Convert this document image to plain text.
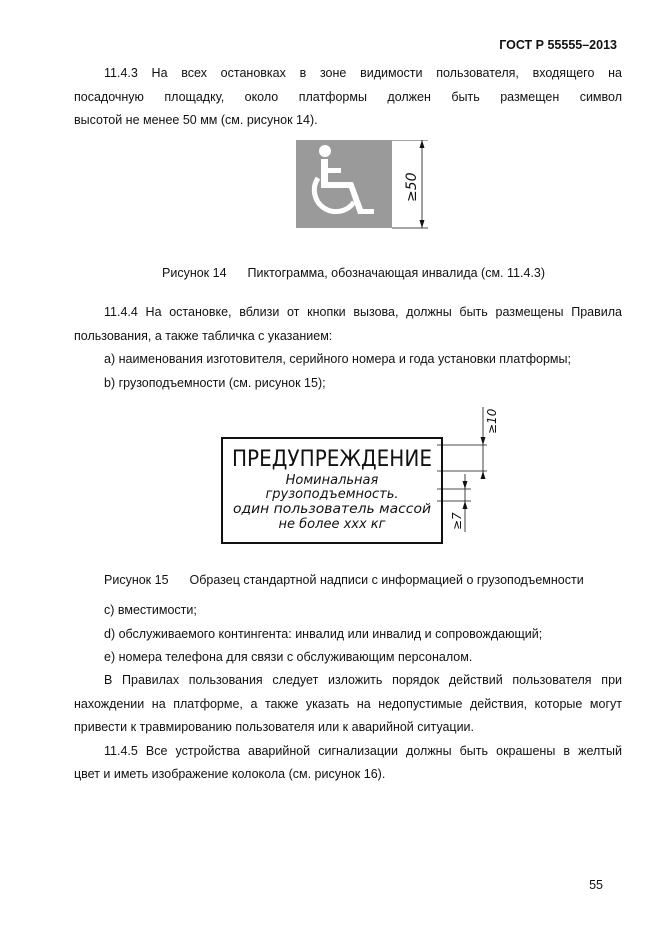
ГОСТ Р 55555–2013
11.4.3 На всех остановках в зоне видимости пользователя, входящего на
посадочную площадку, около платформы должен быть размещен символ
высотой не менее 50 мм (см. рисунок 14).
≥50
Рисунок 14 Пиктограмма, обозначающая инвалида (см. 11.4.3)
11.4.4 На остановке, вблизи от кнопки вызова, должны быть размещены Правила
пользования, а также табличка с указанием:
а) наименования изготовителя, серийного номера и года установки платформы;
b) грузоподъемности (см. рисунок 15);
ПРЕДУПРЕЖДЕНИЕ
Номинальная
грузоподъемность.
один пользователь массой
не более ххх кг
≥10
≥7
Рисунок 15 Образец стандартной надписи с информацией о грузоподъемности
с) вместимости;
d) обслуживаемого контингента: инвалид или инвалид и сопровождающий;
е) номера телефона для связи с обслуживающим персоналом.
В Правилах пользования следует изложить порядок действий пользователя при
нахождении на платформе, а также указать на недопустимые действия, которые могут
привести к травмированию пользователя или к аварийной ситуации.
11.4.5 Все устройства аварийной сигнализации должны быть окрашены в желтый
цвет и иметь изображение колокола (см. рисунок 16).
55
